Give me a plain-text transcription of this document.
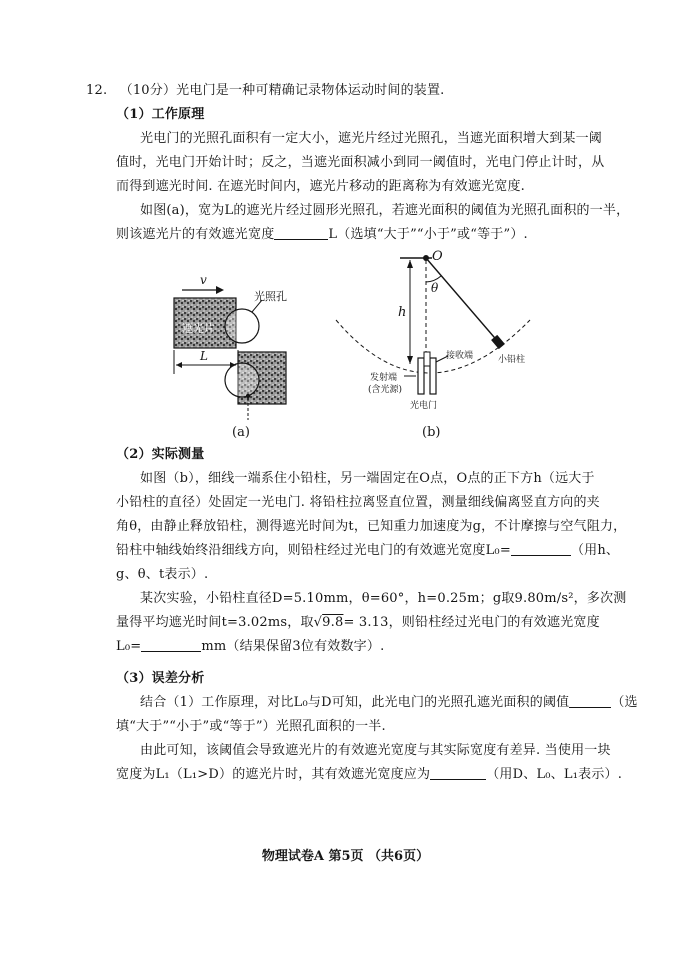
12. （10分）光电门是一种可精确记录物体运动时间的装置.
（1）工作原理
光电门的光照孔面积有一定大小，遮光片经过光照孔，当遮光面积增大到某一阈
值时，光电门开始计时；反之，当遮光面积减小到同一阈值时，光电门停止计时，从
而得到遮光时间. 在遮光时间内，遮光片移动的距离称为有效遮光宽度.
如图(a)，宽为L的遮光片经过圆形光照孔，若遮光面积的阈值为光照孔面积的一半，
则该遮光片的有效遮光宽度	L（选填“大于”“小于”或“等于”）.
v
遮光片
光照孔
L
(a)
O
h
θ
小铅柱
接收端
发射端
(含光源)
光电门
(b)
（2）实际测量
如图（b），细线一端系住小铅柱，另一端固定在O点，O点的正下方h（远大于
小铅柱的直径）处固定一光电门. 将铅柱拉离竖直位置，测量细线偏离竖直方向的夹
角θ，由静止释放铅柱，测得遮光时间为t，已知重力加速度为g，不计摩擦与空气阻力，
铅柱中轴线始终沿细线方向，则铅柱经过光电门的有效遮光宽度L₀=	（用h、
g、θ、t表示）.
某次实验，小铅柱直径D=5.10mm，θ=60°，h=0.25m；g取9.80m/s²，多次测
量得平均遮光时间t=3.02ms，取√9.8= 3.13，则铅柱经过光电门的有效遮光宽度
L₀=	mm（结果保留3位有效数字）.
（3）误差分析
结合（1）工作原理，对比L₀与D可知，此光电门的光照孔遮光面积的阈值	（选
填“大于”“小于”或“等于”）光照孔面积的一半.
由此可知，该阈值会导致遮光片的有效遮光宽度与其实际宽度有差异. 当使用一块
宽度为L₁（L₁>D）的遮光片时，其有效遮光宽度应为	（用D、L₀、L₁表示）.
物理试卷A 第5页 （共6页）
